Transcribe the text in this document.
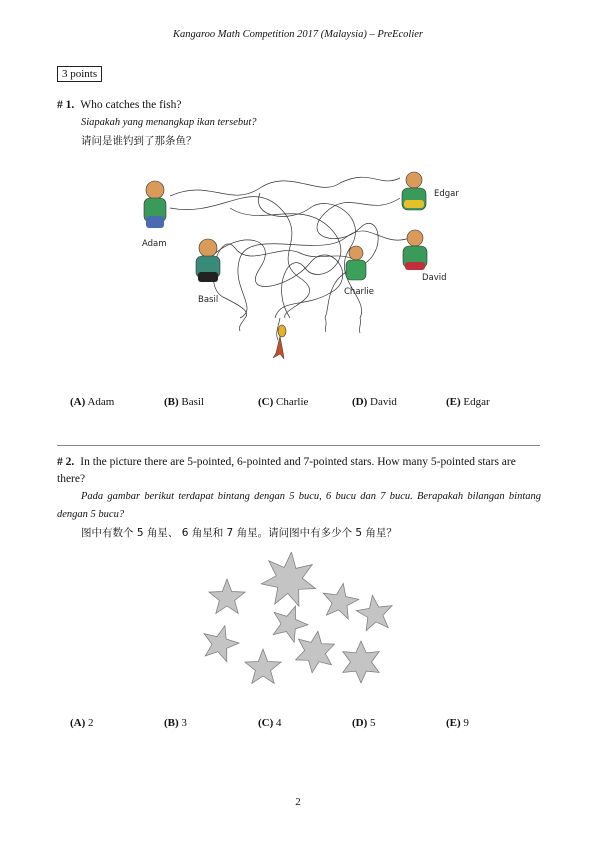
Kangaroo Math Competition 2017 (Malaysia) – PreEcolier
3 points
# 1. Who catches the fish?
Siapakah yang menangkap ikan tersebut?
请问是谁钓到了那条鱼？
Adam
Basil
Charlie
David
Edgar
(A) Adam	(B) Basil	(C) Charlie	(D) David	(E) Edgar
# 2. In the picture there are 5-pointed, 6-pointed and 7-pointed stars. How many 5-pointed stars are there?
Pada gambar berikut terdapat bintang dengan 5 bucu, 6 bucu dan 7 bucu. Berapakah bilangan bintang dengan 5 bucu?
图中有数个 5 角星、 6 角星和 7 角星。请问图中有多少个 5 角星？
(A) 2	(B) 3	(C) 4	(D) 5	(E) 9
2
